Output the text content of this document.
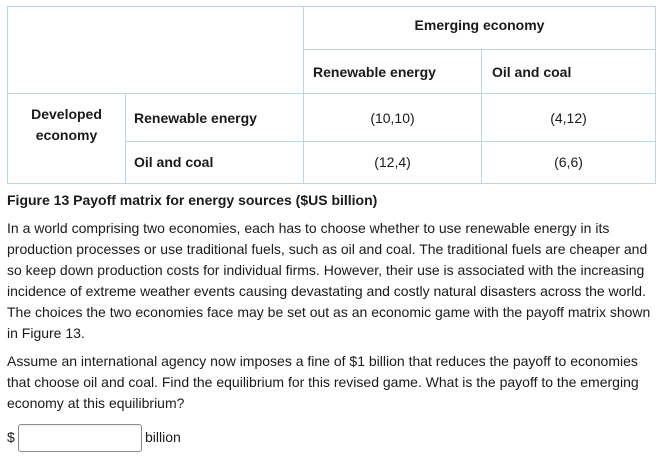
		Emerging economy	
		Renewable energy	Oil and coal
Developed economy	Renewable energy	(10,10)	(4,12)
	Oil and coal	(12,4)	(6,6)
Figure 13 Payoff matrix for energy sources ($US billion)

In a world comprising two economies, each has to choose whether to use renewable energy in its production processes or use traditional fuels, such as oil and coal. The traditional fuels are cheaper and so keep down production costs for individual firms. However, their use is associated with the increasing incidence of extreme weather events causing devastating and costly natural disasters across the world. The choices the two economies face may be set out as an economic game with the payoff matrix shown in Figure 13.

Assume an international agency now imposes a fine of $1 billion that reduces the payoff to economies that choose oil and coal. Find the equilibrium for this revised game. What is the payoff to the emerging economy at this equilibrium?

$	billion
